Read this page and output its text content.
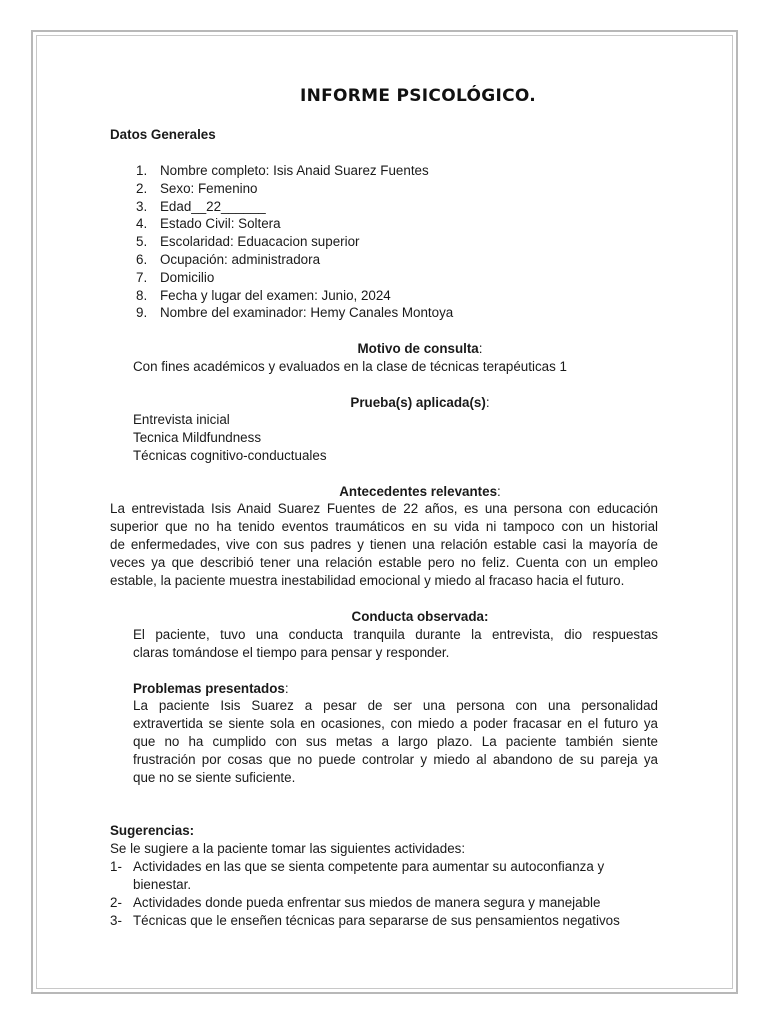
INFORME PSICOLÓGICO.
Datos Generales
1. Nombre completo: Isis Anaid Suarez Fuentes
2. Sexo: Femenino
3. Edad__22______
4. Estado Civil: Soltera
5. Escolaridad: Eduacacion superior
6. Ocupación: administradora
7. Domicilio
8. Fecha y lugar del examen: Junio, 2024
9. Nombre del examinador: Hemy Canales Montoya
Motivo de consulta:
Con fines académicos y evaluados en la clase de técnicas terapéuticas 1
Prueba(s) aplicada(s):
Entrevista inicial
Tecnica Mildfundness
Técnicas cognitivo-conductuales
Antecedentes relevantes:
La entrevistada Isis Anaid Suarez Fuentes de 22 años, es una persona con educación
superior que no ha tenido eventos traumáticos en su vida ni tampoco con un historial
de enfermedades, vive con sus padres y tienen una relación estable casi la mayoría de
veces ya que describió tener una relación estable pero no feliz. Cuenta con un empleo
estable, la paciente muestra inestabilidad emocional y miedo al fracaso hacia el futuro.
Conducta observada:
El paciente, tuvo una conducta tranquila durante la entrevista, dio respuestas
claras tomándose el tiempo para pensar y responder.
Problemas presentados:
La paciente Isis Suarez a pesar de ser una persona con una personalidad
extravertida se siente sola en ocasiones, con miedo a poder fracasar en el futuro ya
que no ha cumplido con sus metas a largo plazo. La paciente también siente
frustración por cosas que no puede controlar y miedo al abandono de su pareja ya
que no se siente suficiente.
Sugerencias:
Se le sugiere a la paciente tomar las siguientes actividades:
1- Actividades en las que se sienta competente para aumentar su autoconfianza y
bienestar.
2- Actividades donde pueda enfrentar sus miedos de manera segura y manejable
3- Técnicas que le enseñen técnicas para separarse de sus pensamientos negativos
